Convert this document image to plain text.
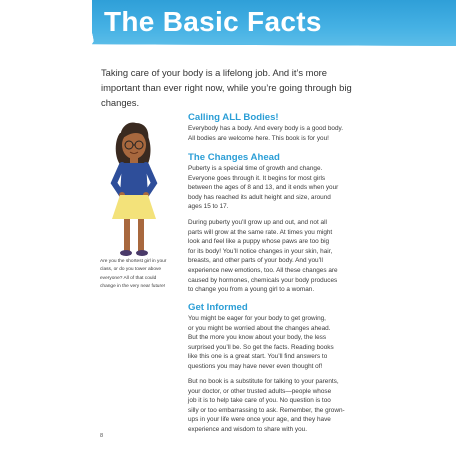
The Basic Facts

Taking care of your body is a lifelong job. And it’s more important than ever right now, while you’re going through big changes.

Calling ALL Bodies!

Everybody has a body. And every body is a good body.
All bodies are welcome here. This book is for you!

The Changes Ahead

Puberty is a special time of growth and change.
Everyone goes through it. It begins for most girls
between the ages of 8 and 13, and it ends when your
body has reached its adult height and size, around
ages 15 to 17.

During puberty you’ll grow up and out, and not all
parts will grow at the same rate. At times you might
look and feel like a puppy whose paws are too big
for its body! You’ll notice changes in your skin, hair,
breasts, and other parts of your body. And you’ll
experience new emotions, too. All these changes are
caused by hormones, chemicals your body produces
to change you from a young girl to a woman.

Get Informed

You might be eager for your body to get growing,
or you might be worried about the changes ahead.
But the more you know about your body, the less
surprised you’ll be. So get the facts. Reading books
like this one is a great start. You’ll find answers to
questions you may have never even thought of!

But no book is a substitute for talking to your parents,
your doctor, or other trusted adults—people whose
job it is to help take care of you. No question is too
silly or too embarrassing to ask. Remember, the grown-
ups in your life were once your age, and they have
experience and wisdom to share with you.

Are you the shortest girl in your
class, or do you tower above
everyone? All of that could
change in the very near future!

8
